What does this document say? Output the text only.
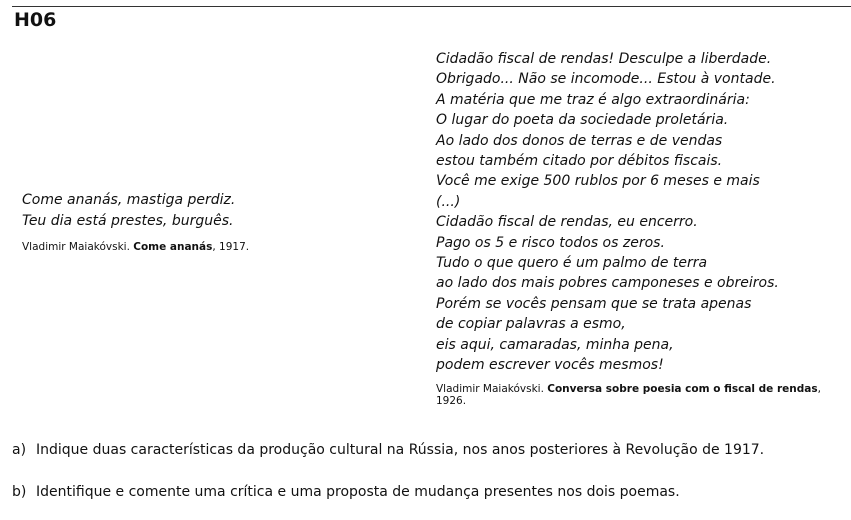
H06
Come ananás, mastiga perdiz.
Teu dia está prestes, burguês.
Vladimir Maiakóvski. Come ananás, 1917.
Cidadão fiscal de rendas! Desculpe a liberdade.
Obrigado... Não se incomode... Estou à vontade.
A matéria que me traz é algo extraordinária:
O lugar do poeta da sociedade proletária.
Ao lado dos donos de terras e de vendas
estou também citado por débitos fiscais.
Você me exige 500 rublos por 6 meses e mais
(...)
Cidadão fiscal de rendas, eu encerro.
Pago os 5 e risco todos os zeros.
Tudo o que quero é um palmo de terra
ao lado dos mais pobres camponeses e obreiros.
Porém se vocês pensam que se trata apenas
de copiar palavras a esmo,
eis aqui, camaradas, minha pena,
podem escrever vocês mesmos!
Vladimir Maiakóvski. Conversa sobre poesia com o fiscal de rendas, 1926.
a) Indique duas características da produção cultural na Rússia, nos anos posteriores à Revolução de 1917.
b) Identifique e comente uma crítica e uma proposta de mudança presentes nos dois poemas.
